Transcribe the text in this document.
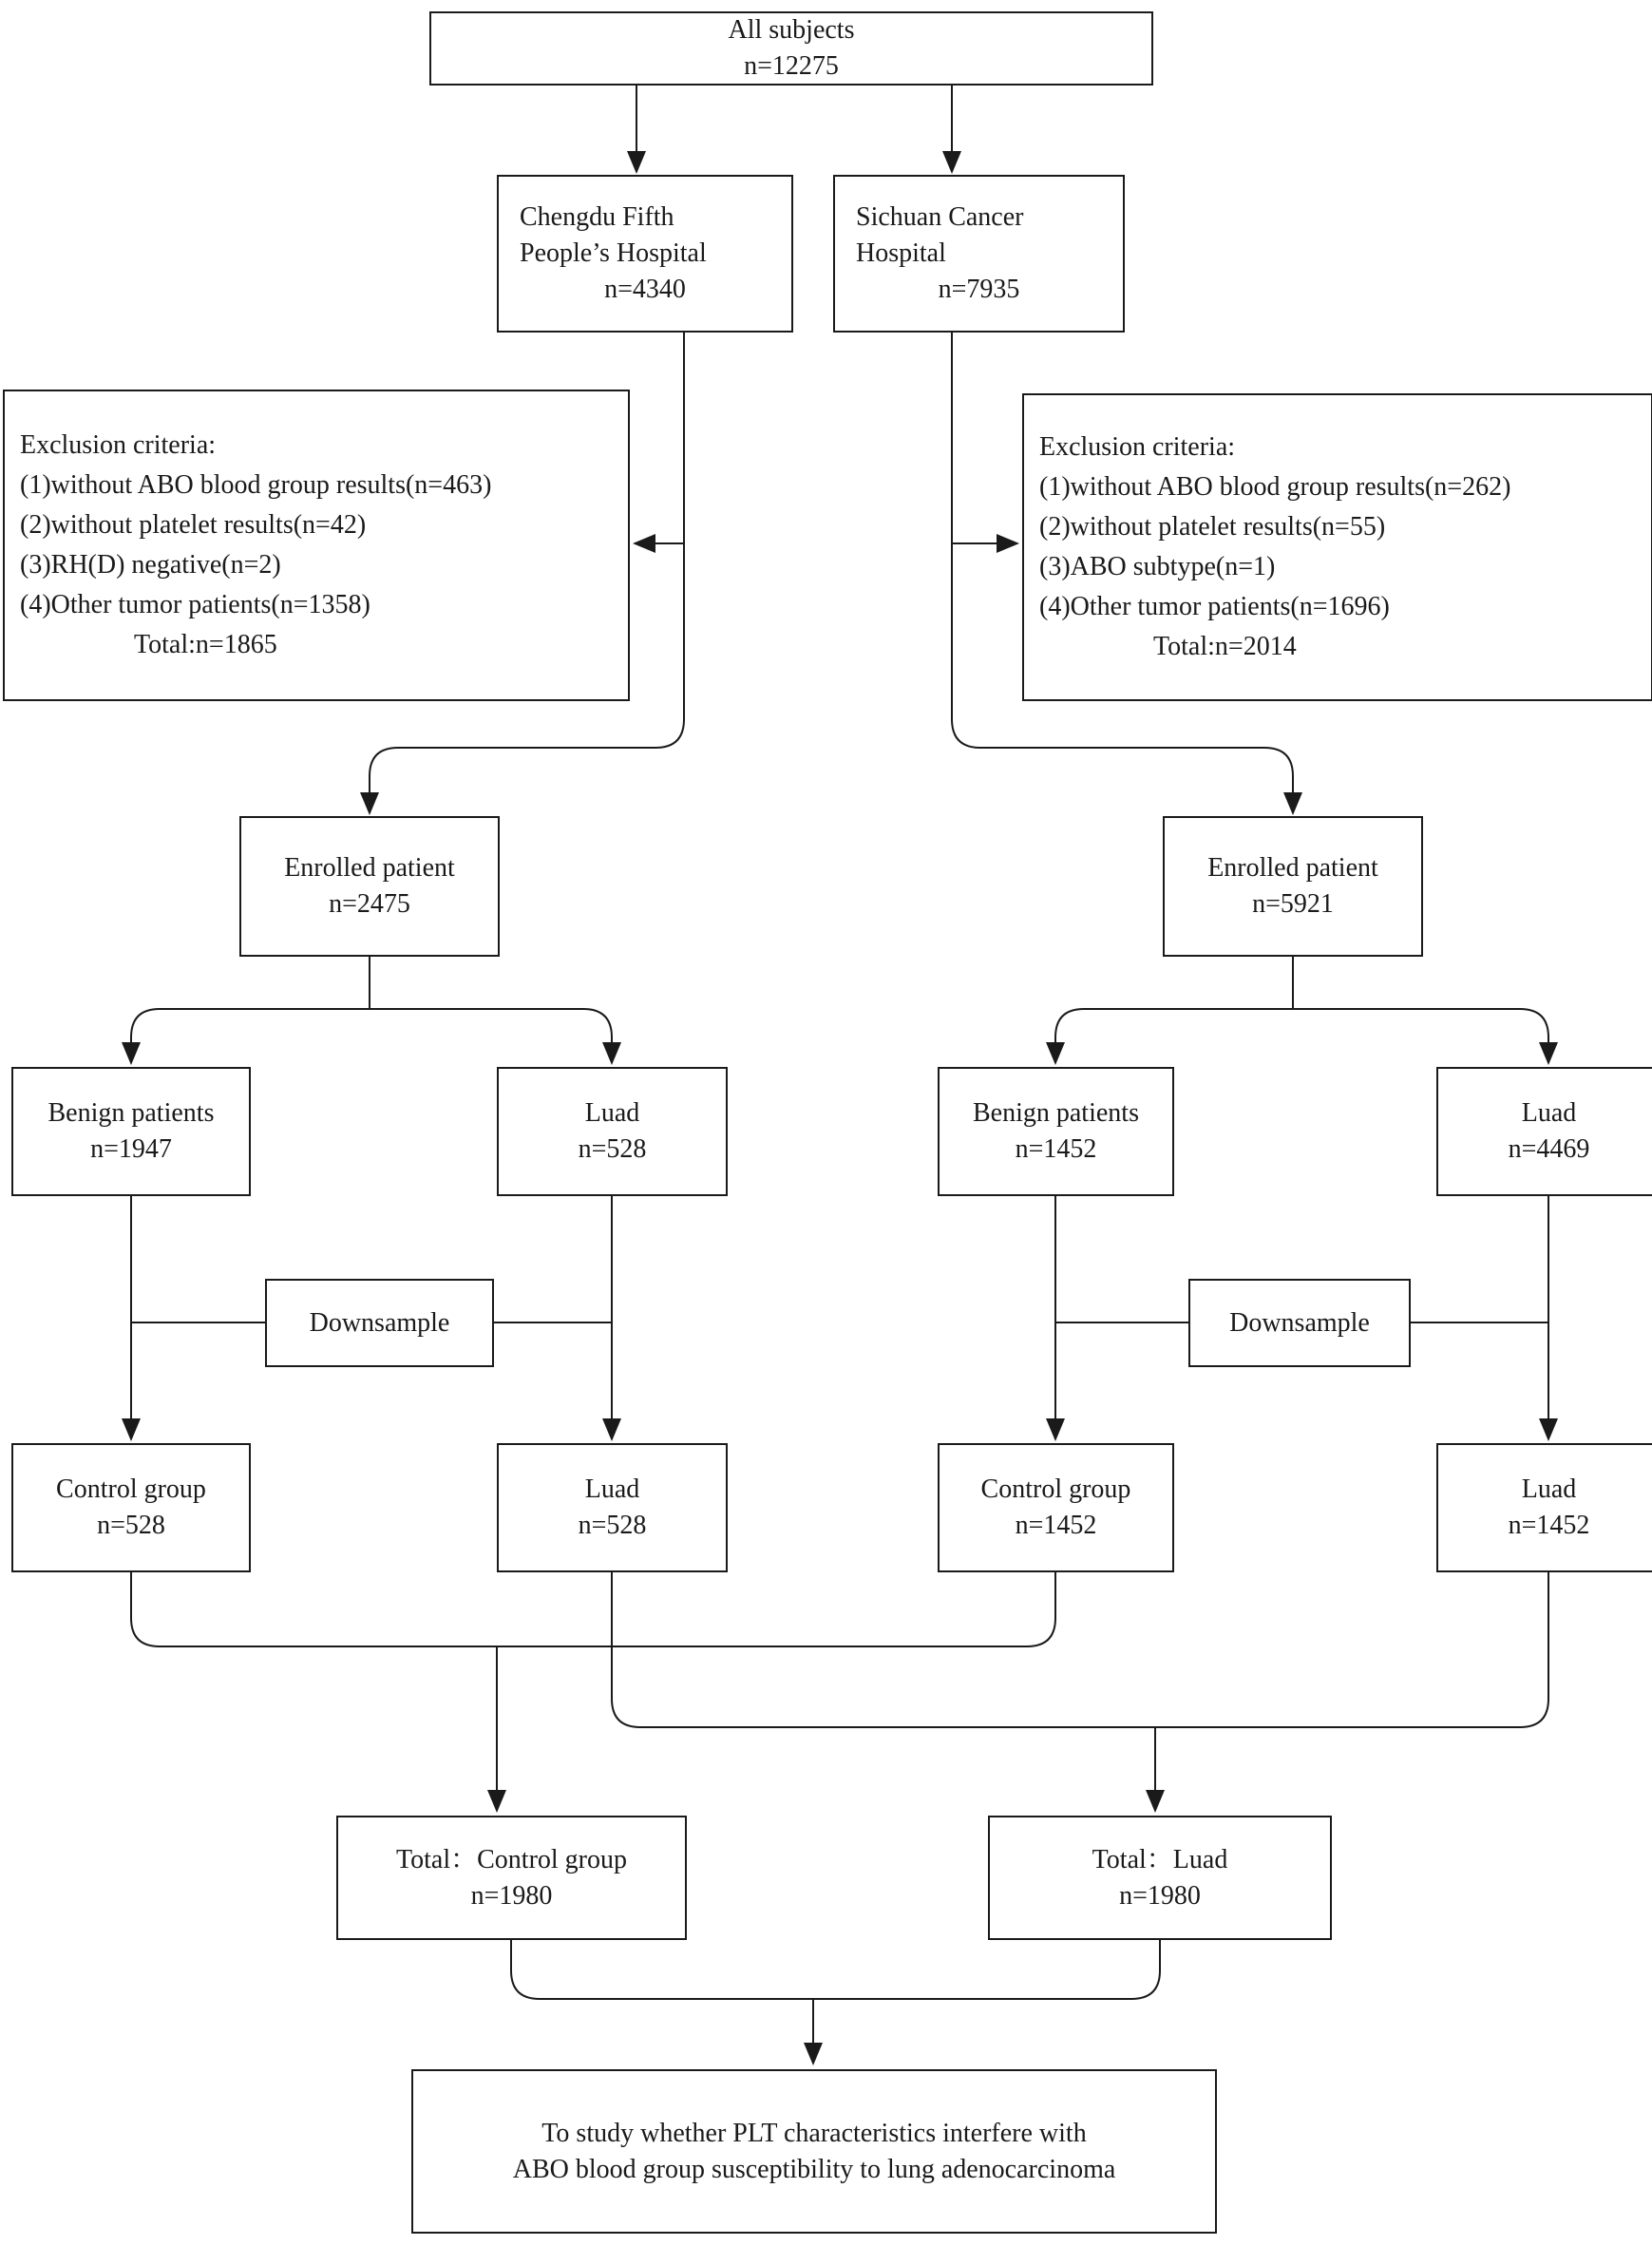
All subjects
n=12275
Chengdu Fifth
People’s Hospital
n=4340
Sichuan Cancer
Hospital
n=7935
Exclusion criteria:
(1)without ABO blood group results(n=463)
(2)without platelet results(n=42)
(3)RH(D) negative(n=2)
(4)Other tumor patients(n=1358)
Total:n=1865
Exclusion criteria:
(1)without ABO blood group results(n=262)
(2)without platelet results(n=55)
(3)ABO subtype(n=1)
(4)Other tumor patients(n=1696)
Total:n=2014
Enrolled patient
n=2475
Enrolled patient
n=5921
Benign patients
n=1947
Luad
n=528
Benign patients
n=1452
Luad
n=4469
Downsample	Downsample
Control group
n=528
Luad
n=528
Control group
n=1452
Luad
n=1452
Total：Control group
n=1980
Total：Luad
n=1980
To study whether PLT characteristics interfere with
ABO blood group susceptibility to lung adenocarcinoma
